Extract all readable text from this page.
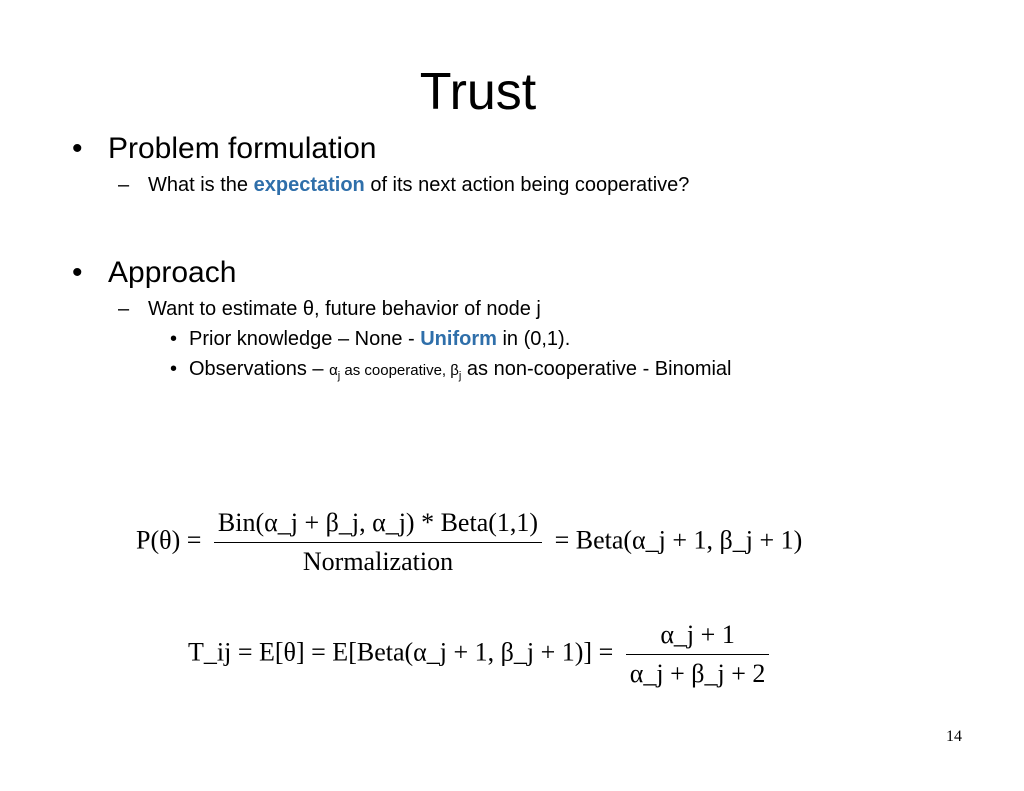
Trust
• Problem formulation
– What is the expectation of its next action being cooperative?
• Approach
– Want to estimate θ, future behavior of node j
• Prior knowledge – None - Uniform in (0,1).
• Observations – $\alpha_j$ as cooperative, $\beta_j$ as non-cooperative - Binomial
$P(\theta) = \frac{\text{Bin(α\_j + β\_j, α\_j) * Beta(1,1)}}{\text{Normalization}}$ = Beta(α_j + 1, β_j + 1)
T_ij = E[θ] = E[Beta(α_j + 1, β_j + $1)] = \frac{\alpha\_j + 1}{\alpha\_j + \beta\_j + 2}$
14
